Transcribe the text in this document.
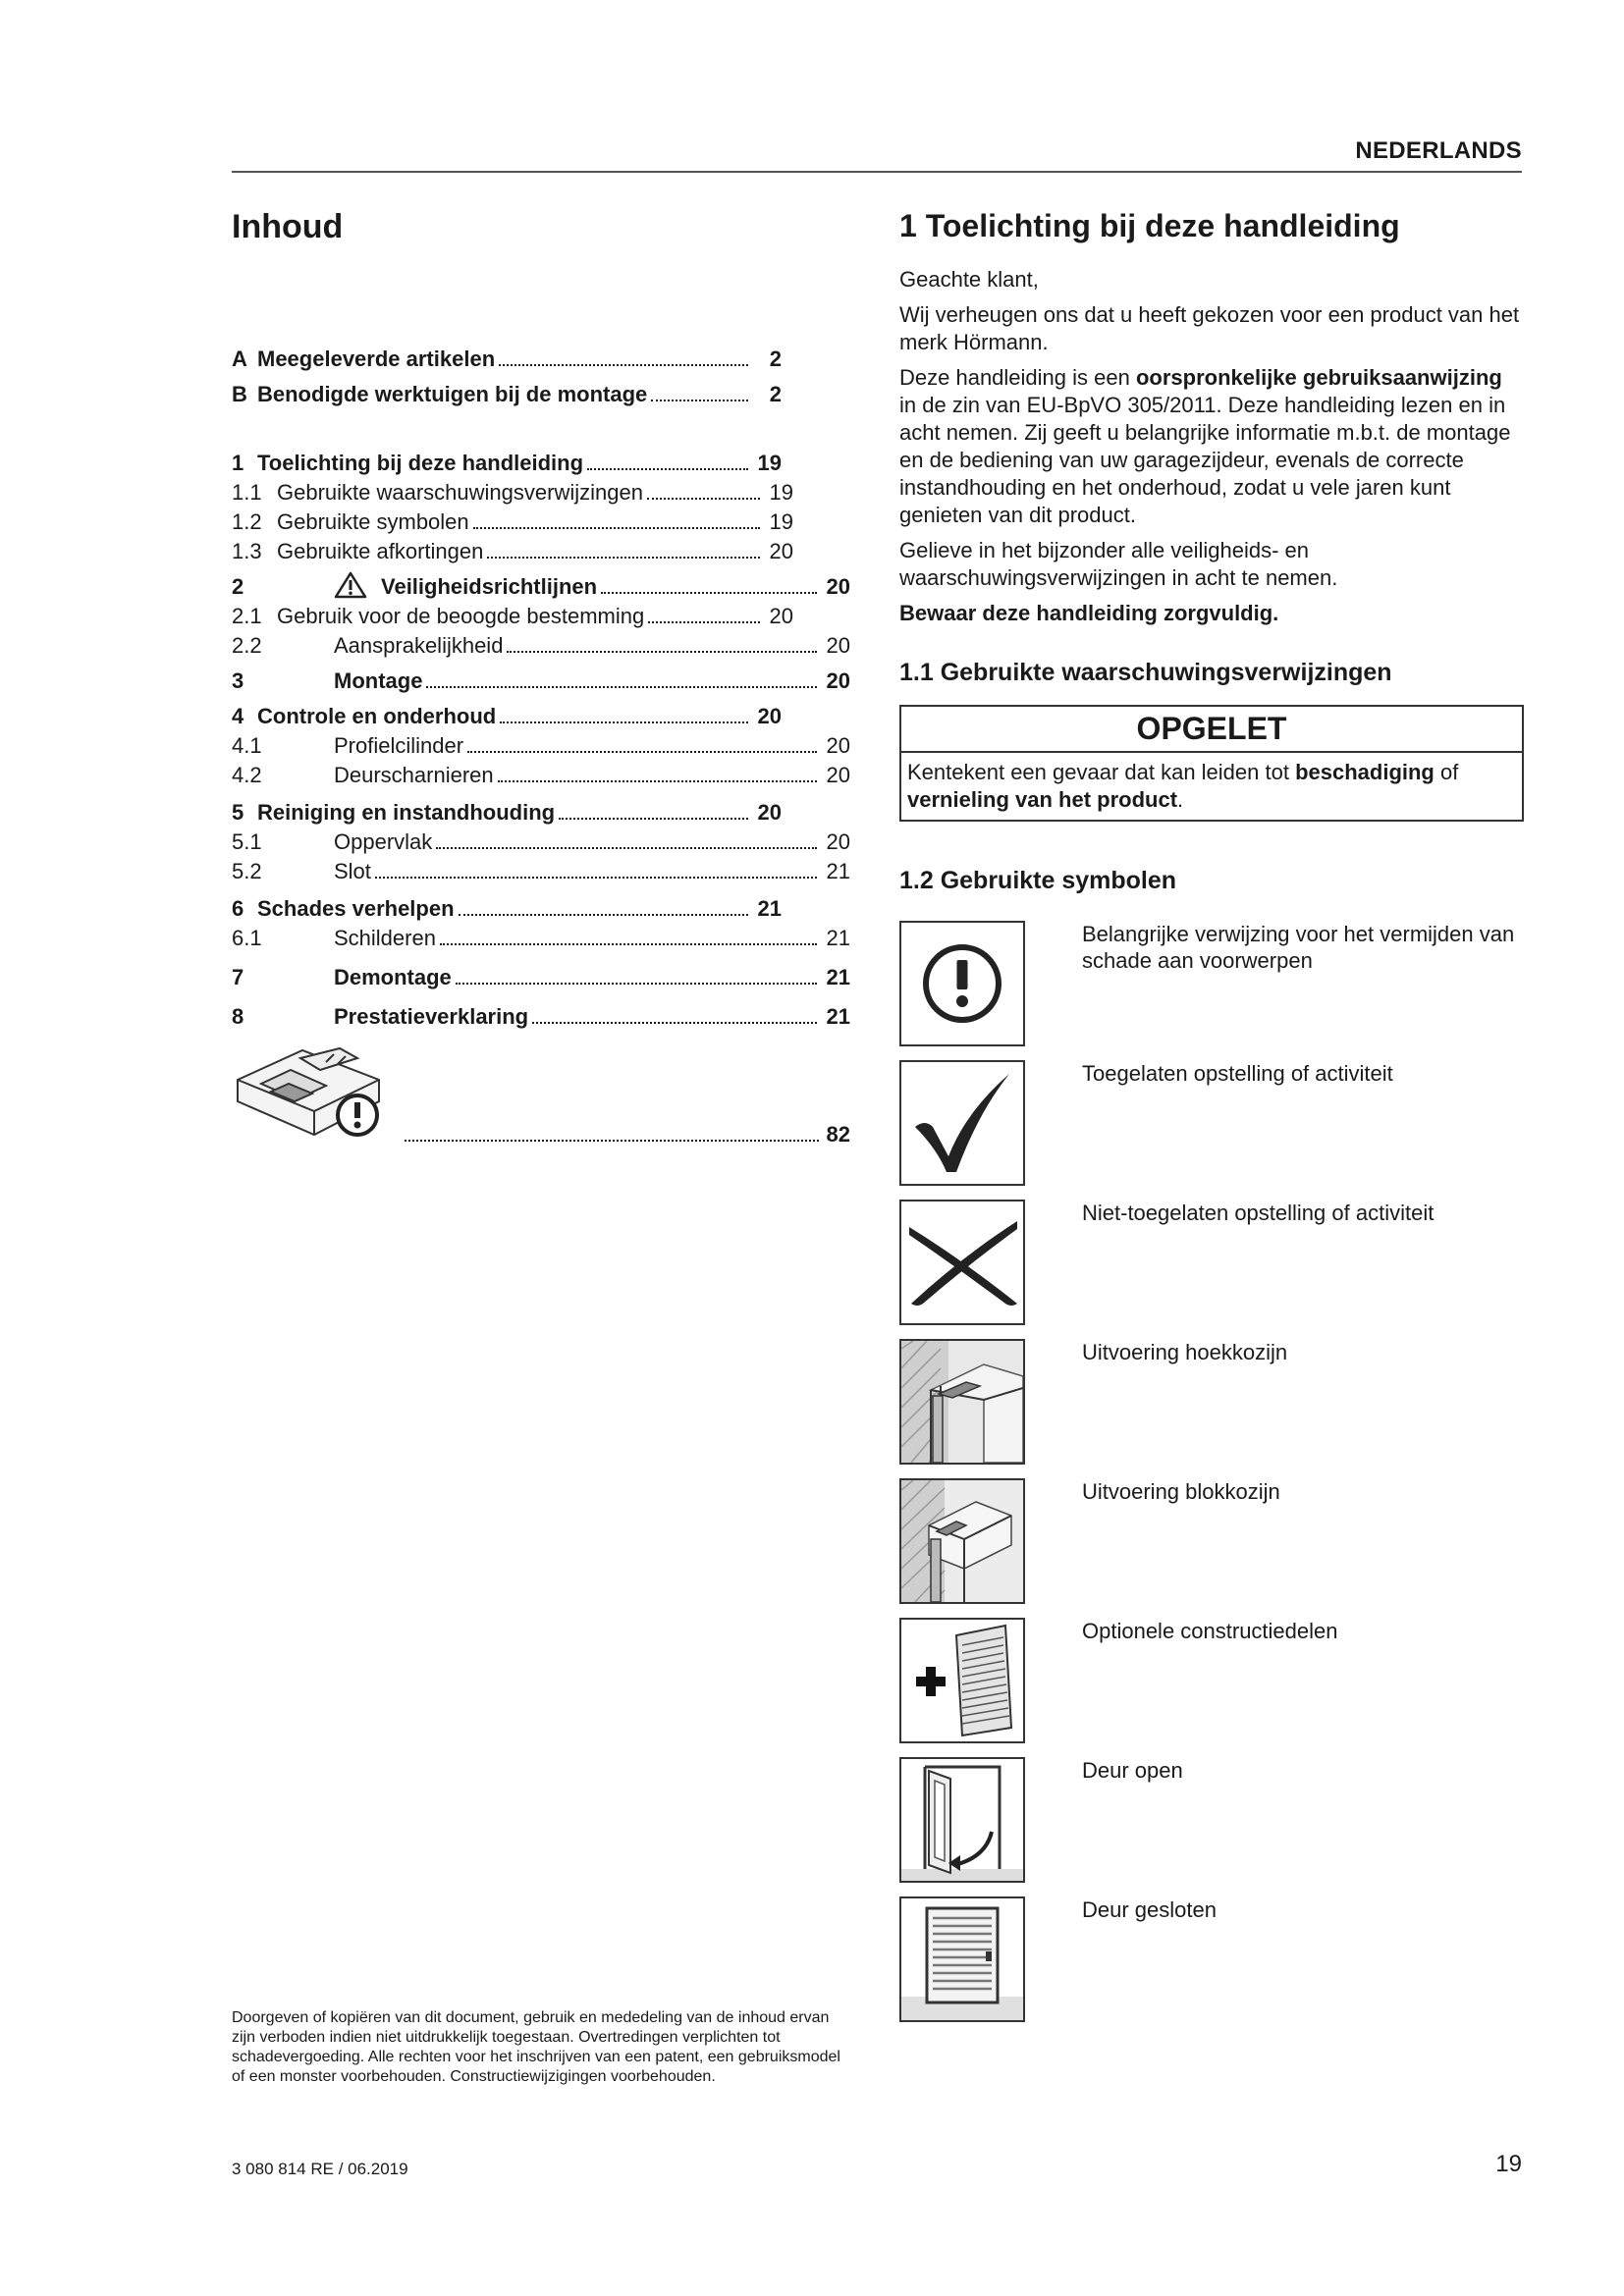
NEDERLANDS
Inhoud
A Meegeleverde artikelen	2
B Benodigde werktuigen bij de montage	2
1 Toelichting bij deze handleiding	19
1.1 Gebruikte waarschuwingsverwijzingen	19
1.2 Gebruikte symbolen	19
1.3 Gebruikte afkortingen	20
2	Veiligheidsrichtlijnen	20
2.1 Gebruik voor de beoogde bestemming	20
2.2	Aansprakelijkheid	20
3	Montage	20
4 Controle en onderhoud	20
4.1	Profielcilinder	20
4.2	Deurscharnieren	20
5 Reiniging en instandhouding	20
5.1	Oppervlak	20
5.2	Slot	21
6 Schades verhelpen	21
6.1	Schilderen	21
7	Demontage	21
8	Prestatieverklaring	21
82
1 Toelichting bij deze handleiding
Geachte klant,
Wij verheugen ons dat u heeft gekozen voor een product van het merk Hörmann.
Deze handleiding is een oorspronkelijke gebruiksaanwijzing in de zin van EU-BpVO 305/2011. Deze handleiding lezen en in acht nemen. Zij geeft u belangrijke informatie m.b.t. de montage en de bediening van uw garagezijdeur, evenals de correcte instandhouding en het onderhoud, zodat u vele jaren kunt genieten van dit product.
Gelieve in het bijzonder alle veiligheids- en waarschuwingsverwijzingen in acht te nemen.
Bewaar deze handleiding zorgvuldig.
1.1 Gebruikte waarschuwingsverwijzingen
OPGELET
Kentekent een gevaar dat kan leiden tot beschadiging of vernieling van het product.
1.2 Gebruikte symbolen
Belangrijke verwijzing voor het vermijden van schade aan voorwerpen
Toegelaten opstelling of activiteit
Niet-toegelaten opstelling of activiteit
Uitvoering hoekkozijn
Uitvoering blokkozijn
Optionele constructiedelen
Deur open
Deur gesloten
Doorgeven of kopiëren van dit document, gebruik en mededeling van de inhoud ervan zijn verboden indien niet uitdrukkelijk toegestaan. Overtredingen verplichten tot schadevergoeding. Alle rechten voor het inschrijven van een patent, een gebruiksmodel of een monster voorbehouden. Constructiewijzigingen voorbehouden.
3 080 814 RE / 06.2019	19
